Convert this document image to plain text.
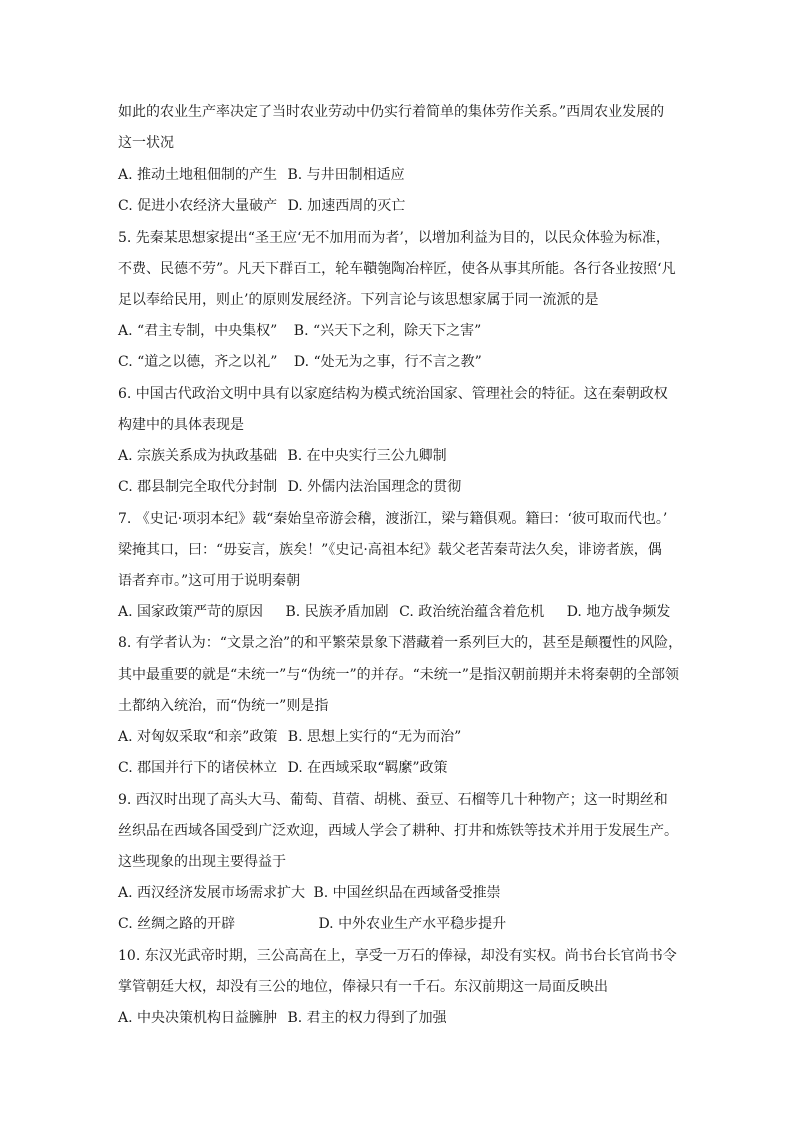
如此的农业生产率决定了当时农业劳动中仍实行着简单的集体劳作关系。”西周农业发展的
这一状况
A. 推动土地租佃制的产生 B. 与井田制相适应
C. 促进小农经济大量破产 D. 加速西周的灭亡
5. 先秦某思想家提出“圣王应‘无不加用而为者’，以增加利益为目的，以民众体验为标准，
不费、民德不劳”。凡天下群百工，轮车鞼匏陶冶梓匠，使各从事其所能。各行各业按照‘凡
足以奉给民用，则止’的原则发展经济。下列言论与该思想家属于同一流派的是
A. “君主专制，中央集权” B. “兴天下之利，除天下之害”
C. “道之以德，齐之以礼” D. “处无为之事，行不言之教”
6. 中国古代政治文明中具有以家庭结构为模式统治国家、管理社会的特征。这在秦朝政权
构建中的具体表现是
A. 宗族关系成为执政基础 B. 在中央实行三公九卿制
C. 郡县制完全取代分封制 D. 外儒内法治国理念的贯彻
7. 《史记·项羽本纪》载“秦始皇帝游会稽，渡浙江，梁与籍俱观。籍曰：‘彼可取而代也。’
梁掩其口，曰：“毋妄言，族矣！”《史记·高祖本纪》载父老苦秦苛法久矣，诽谤者族，偶
语者弃市。”这可用于说明秦朝
A. 国家政策严苛的原因 B. 民族矛盾加剧 C. 政治统治蕴含着危机 D. 地方战争频发
8. 有学者认为：“文景之治”的和平繁荣景象下潜藏着一系列巨大的，甚至是颠覆性的风险，
其中最重要的就是“未统一”与“伪统一”的并存。“未统一”是指汉朝前期并未将秦朝的全部领
土都纳入统治，而“伪统一”则是指
A. 对匈奴采取“和亲”政策 B. 思想上实行的“无为而治”
C. 郡国并行下的诸侯林立 D. 在西域采取“羁縻”政策
9. 西汉时出现了高头大马、葡萄、苜蓿、胡桃、蚕豆、石榴等几十种物产；这一时期丝和
丝织品在西域各国受到广泛欢迎，西域人学会了耕种、打井和炼铁等技术并用于发展生产。
这些现象的出现主要得益于
A. 西汉经济发展市场需求扩大 B. 中国丝织品在西域备受推崇
C. 丝绸之路的开辟	D. 中外农业生产水平稳步提升
10. 东汉光武帝时期，三公高高在上，享受一万石的俸禄，却没有实权。尚书台长官尚书令
掌管朝廷大权，却没有三公的地位，俸禄只有一千石。东汉前期这一局面反映出
A. 中央决策机构日益臃肿 B. 君主的权力得到了加强
